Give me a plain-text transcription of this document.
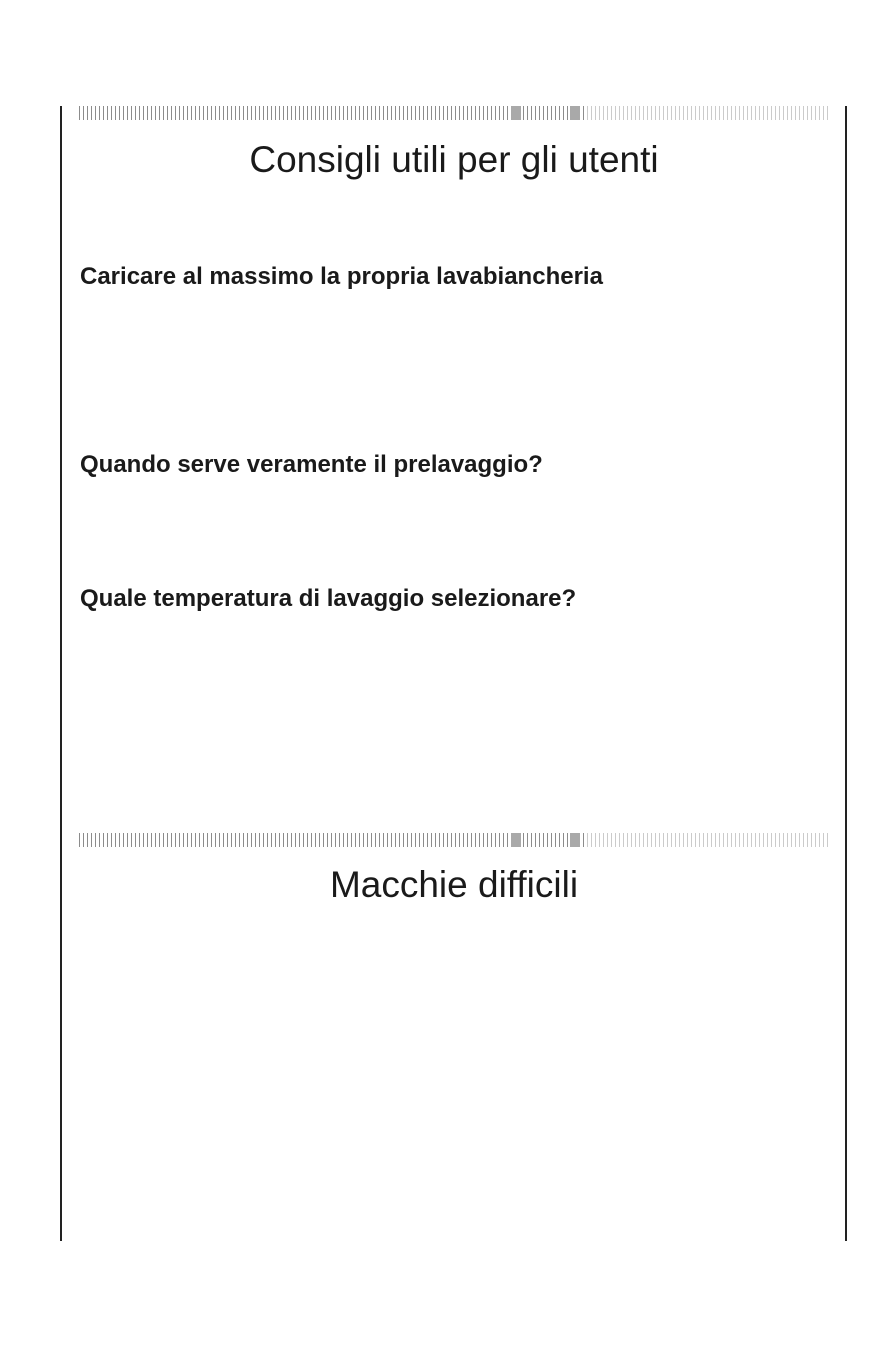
Consigli utili per gli utenti
Caricare al massimo la propria lavabiancheria
Quando serve veramente il prelavaggio?
Quale temperatura di lavaggio selezionare?
Macchie difficili
